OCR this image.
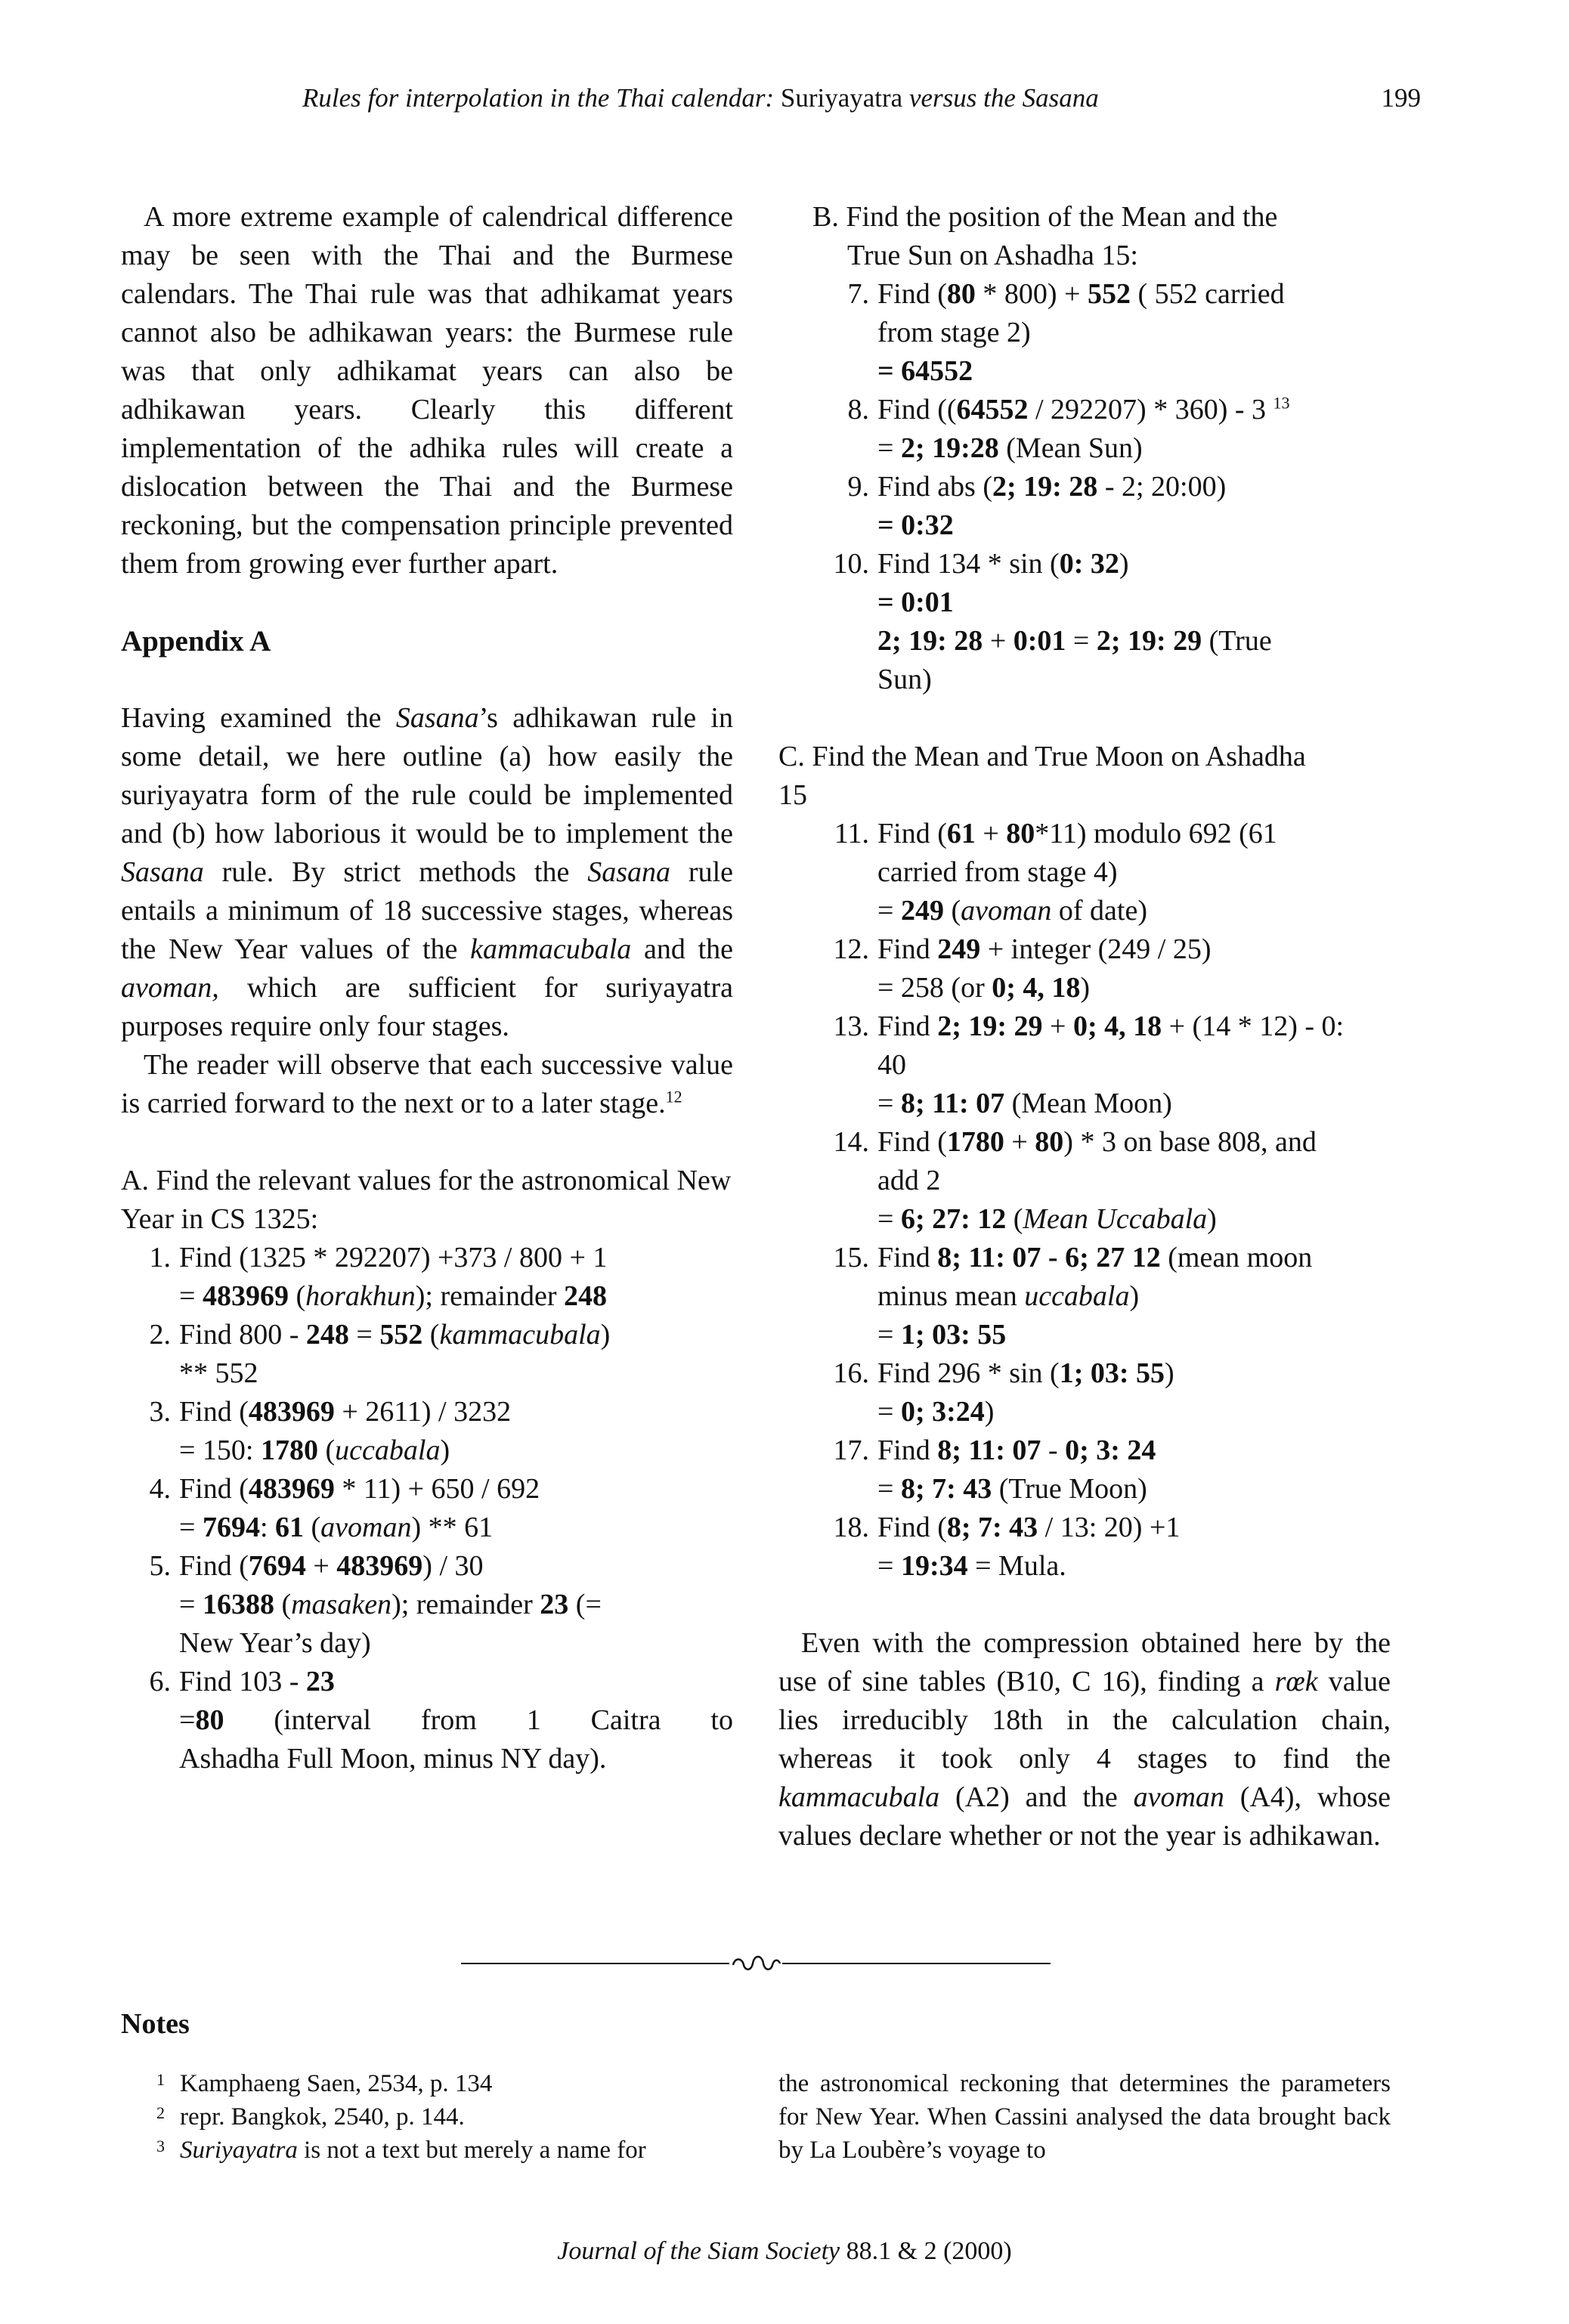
Rules for interpolation in the Thai calendar: Suriyayatra versus the Sasana	199

A more extreme example of calendrical difference may be seen with the Thai and the Burmese calendars. The Thai rule was that adhikamat years cannot also be adhikawan years: the Burmese rule was that only adhikamat years can also be adhikawan years. Clearly this different implementation of the adhika rules will create a dislocation between the Thai and the Burmese reckoning, but the compensation principle prevented them from growing ever further apart.

Appendix A

Having examined the Sasana’s adhikawan rule in some detail, we here outline (a) how easily the suriyayatra form of the rule could be implemented and (b) how laborious it would be to implement the Sasana rule. By strict methods the Sasana rule entails a minimum of 18 successive stages, whereas the New Year values of the kammacubala and the avoman, which are sufficient for suriyayatra purposes require only four stages.

The reader will observe that each successive value is carried forward to the next or to a later stage.$^{12}$

A. Find the relevant values for the astronomical New Year in CS 1325:

1. Find (1325 * 292207) +373 / 800 + 1
= 483969 (horakhun); remainder 248
2. Find 800 - 248 = 552 (kammacubala)
** 552
3. Find (483969 + 2611) / 3232
= 150: 1780 (uccabala)
4. Find (483969 * 11) + 650 / 692
= 7694: 61 (avoman) ** 61
5. Find (7694 + 483969) / 30
= 16388 (masaken); remainder 23 (=
New Year’s day)
6. Find 103 - 23
=80 (interval from 1 Caitra to
Ashadha Full Moon, minus NY day).
B. Find the position of the Mean and the
True Sun on Ashadha 15:
7. Find (80 * 800) + 552 ( 552 carried
from stage 2)
= 64552
8. Find ((64552 / 292207) * 360) - 3 $^{13}$
= 2; 19:28 (Mean Sun)
9. Find abs (2; 19: 28 - 2; 20:00)
= 0:32
10. Find 134 * sin (0: 32)
= 0:01
2; 19: 28 + 0:01 = 2; 19: 29 (True
Sun)
C. Find the Mean and True Moon on Ashadha
15
11. Find (61 + 80*11) modulo 692 (61
carried from stage 4)
= 249 (avoman of date)
12. Find 249 + integer (249 / 25)
= 258 (or 0; 4, 18)
13. Find 2; 19: 29 + 0; 4, 18 + (14 * 12) - 0:
40
= 8; 11: 07 (Mean Moon)
14. Find (1780 + 80) * 3 on base 808, and
add 2
= 6; 27: 12 (Mean Uccabala)
15. Find 8; 11: 07 - 6; 27 12 (mean moon
minus mean uccabala)
= 1; 03: 55
16. Find 296 * sin (1; 03: 55)
= 0; 3:24)
17. Find 8; 11: 07 - 0; 3: 24
= 8; 7: 43 (True Moon)
18. Find (8; 7: 43 / 13: 20) +1
= 19:34 = Mula.

Even with the compression obtained here by the use of sine tables (B10, C 16), finding a rœk value lies irreducibly 18th in the calculation chain, whereas it took only 4 stages to find the kammacubala (A2) and the avoman (A4), whose values declare whether or not the year is adhikawan.

Notes
1 Kamphaeng Saen, 2534, p. 134
2 repr. Bangkok, 2540, p. 144.
3 Suriyayatra is not a text but merely a name for

the astronomical reckoning that determines the parameters for New Year. When Cassini analysed the data brought back by La Loubère’s voyage to

Journal of the Siam Society 88.1 & 2 (2000)
